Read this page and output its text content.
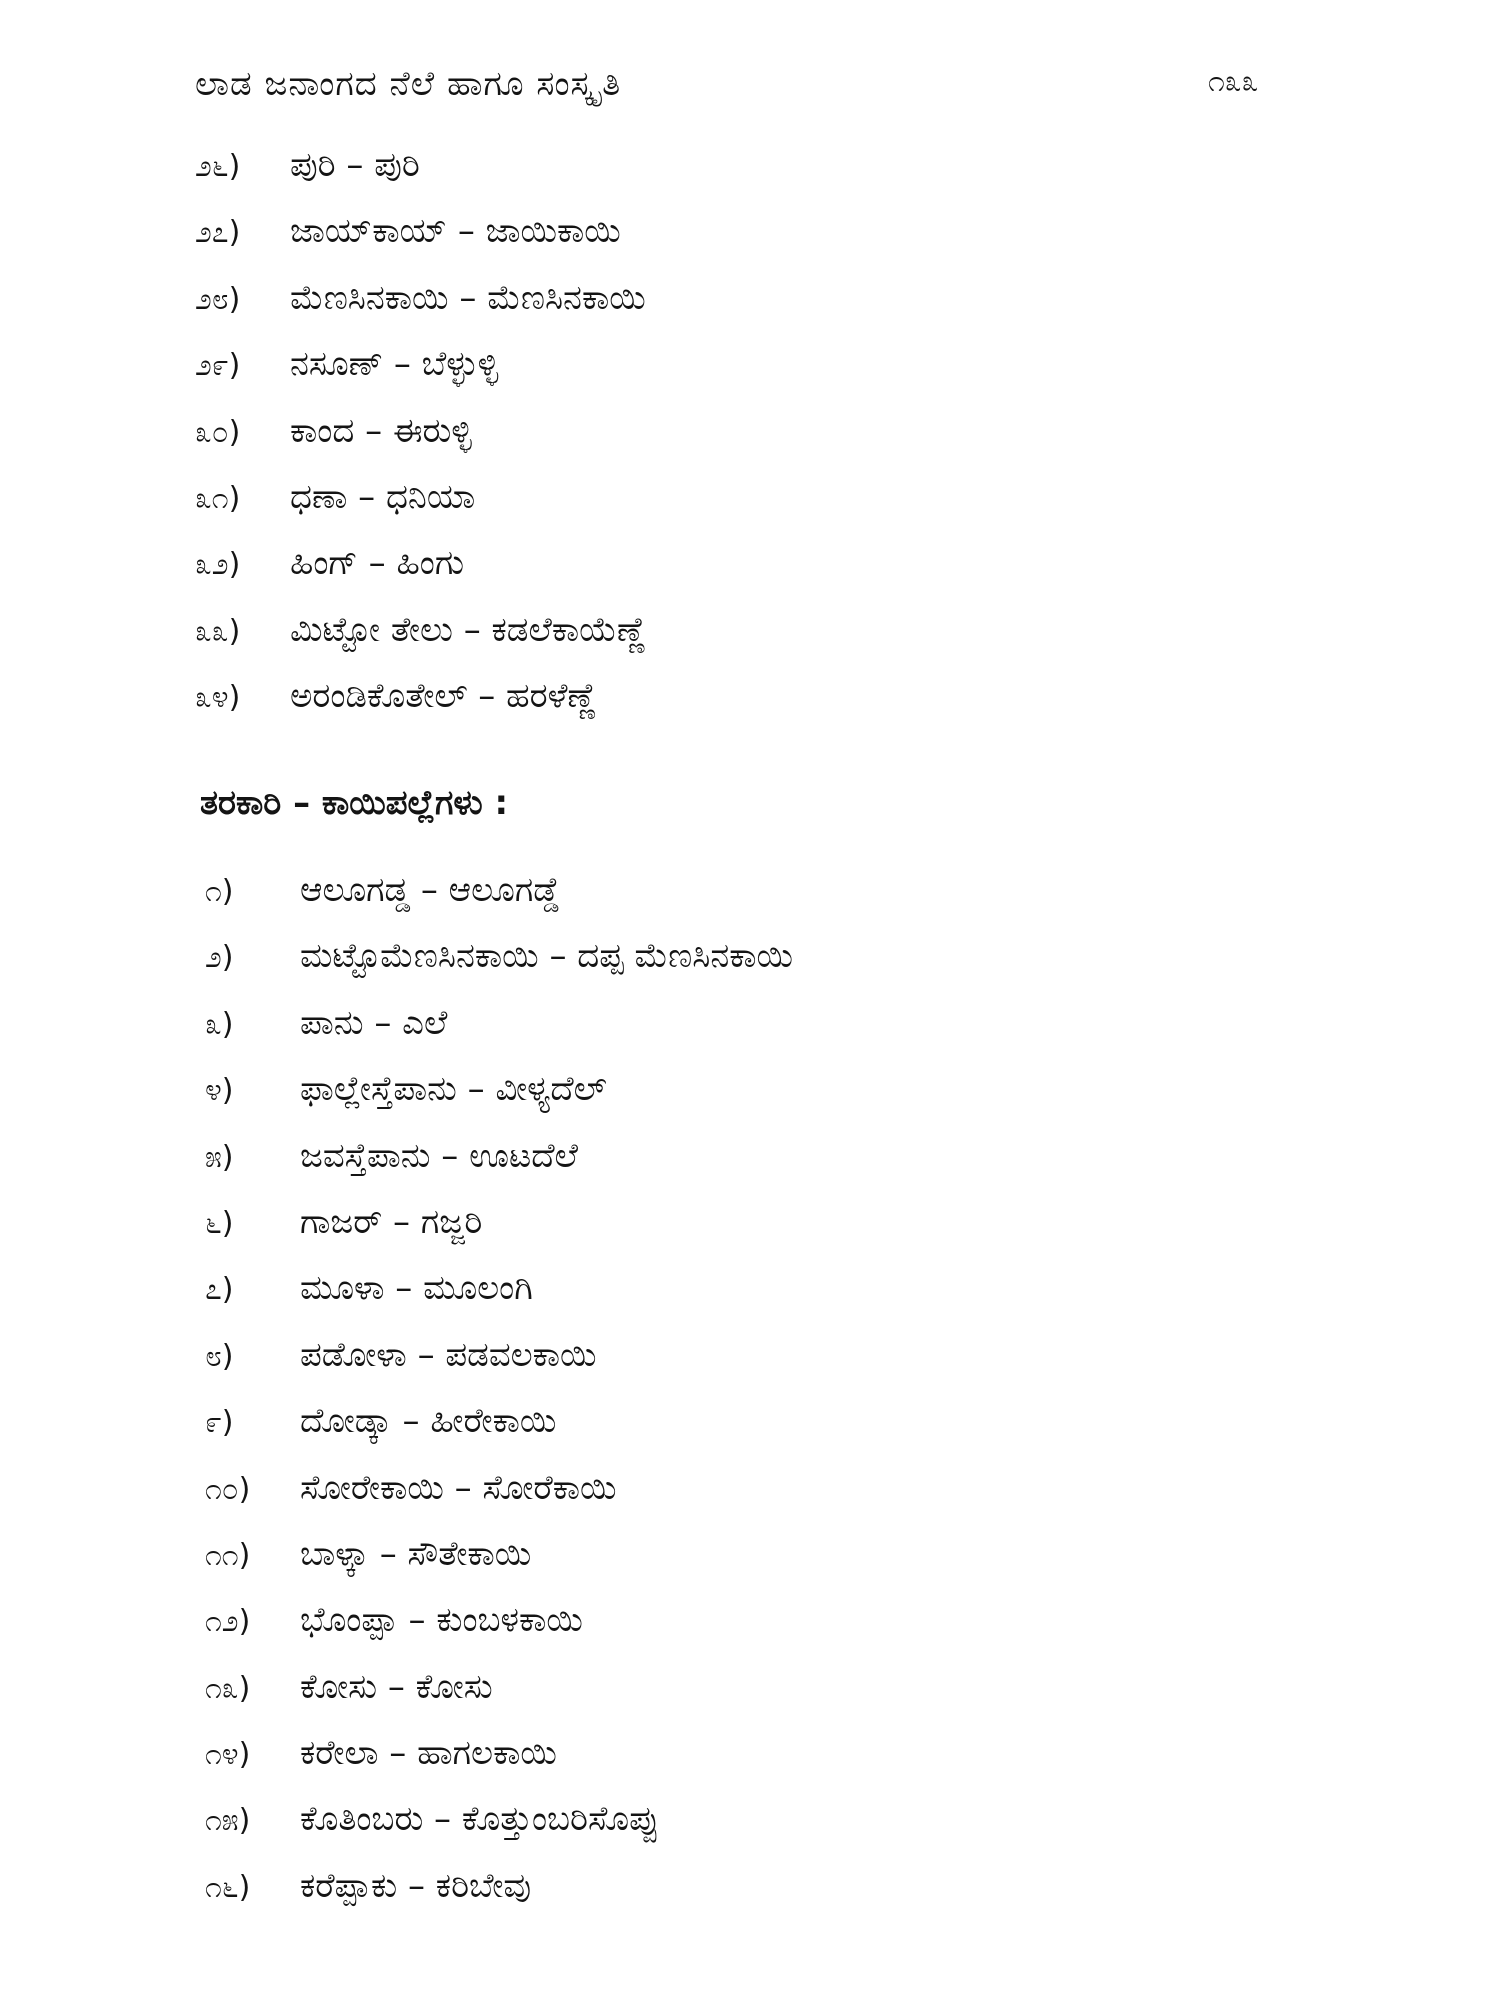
ಲಾಡ ಜನಾಂಗದ ನೆಲೆ ಹಾಗೂ ಸಂಸ್ಕೃತಿ	೧೩೩
೨೬)	ಪುರಿ – ಪುರಿ
೨೭)	ಜಾಯ್‌ಕಾಯ್ – ಜಾಯಿಕಾಯಿ
೨೮)	ಮೆಣಸಿನಕಾಯಿ – ಮೆಣಸಿನಕಾಯಿ
೨೯)	ನಸೂಣ್ – ಬೆಳ್ಳುಳ್ಳಿ
೩೦)	ಕಾಂದ – ಈರುಳ್ಳಿ
೩೧)	ಧಣಾ – ಧನಿಯಾ
೩೨)	ಹಿಂಗ್ – ಹಿಂಗು
೩೩)	ಮಿಟ್ಟೋ ತೇಲು – ಕಡಲೆಕಾಯೆಣ್ಣೆ
೩೪)	ಅರಂಡಿಕೊತೇಲ್ – ಹರಳೆಣ್ಣೆ
ತರಕಾರಿ – ಕಾಯಿಪಲ್ಲೆಗಳು :
೧)	ಆಲೂಗಡ್ಡ – ಆಲೂಗಡ್ಡೆ
೨)	ಮಟ್ಟೊಮೆಣಸಿನಕಾಯಿ – ದಪ್ಪ ಮೆಣಸಿನಕಾಯಿ
೩)	ಪಾನು – ಎಲೆ
೪)	ಫಾಲ್ಲೇಸ್ತೆಪಾನು – ವೀಳ್ಯದೆಲ್
೫)	ಜವಸ್ತೆಪಾನು – ಊಟದೆಲೆ
೬)	ಗಾಜರ್ – ಗಜ್ಜರಿ
೭)	ಮೂಳಾ – ಮೂಲಂಗಿ
೮)	ಪಡೋಳಾ – ಪಡವಲಕಾಯಿ
೯)	ದೋಡ್ಕಾ – ಹೀರೇಕಾಯಿ
೧೦)	ಸೋರೇಕಾಯಿ – ಸೋರೆಕಾಯಿ
೧೧)	ಬಾಳ್ಕಾ – ಸೌತೇಕಾಯಿ
೧೨)	ಭೊಂಪ್ಪಾ – ಕುಂಬಳಕಾಯಿ
೧೩)	ಕೋಸು – ಕೋಸು
೧೪)	ಕರೇಲಾ – ಹಾಗಲಕಾಯಿ
೧೫)	ಕೊತಿಂಬರು – ಕೊತ್ತುಂಬರಿಸೊಪ್ಪು
೧೬)	ಕರೆಪ್ಪಾಕು – ಕರಿಬೇವು
